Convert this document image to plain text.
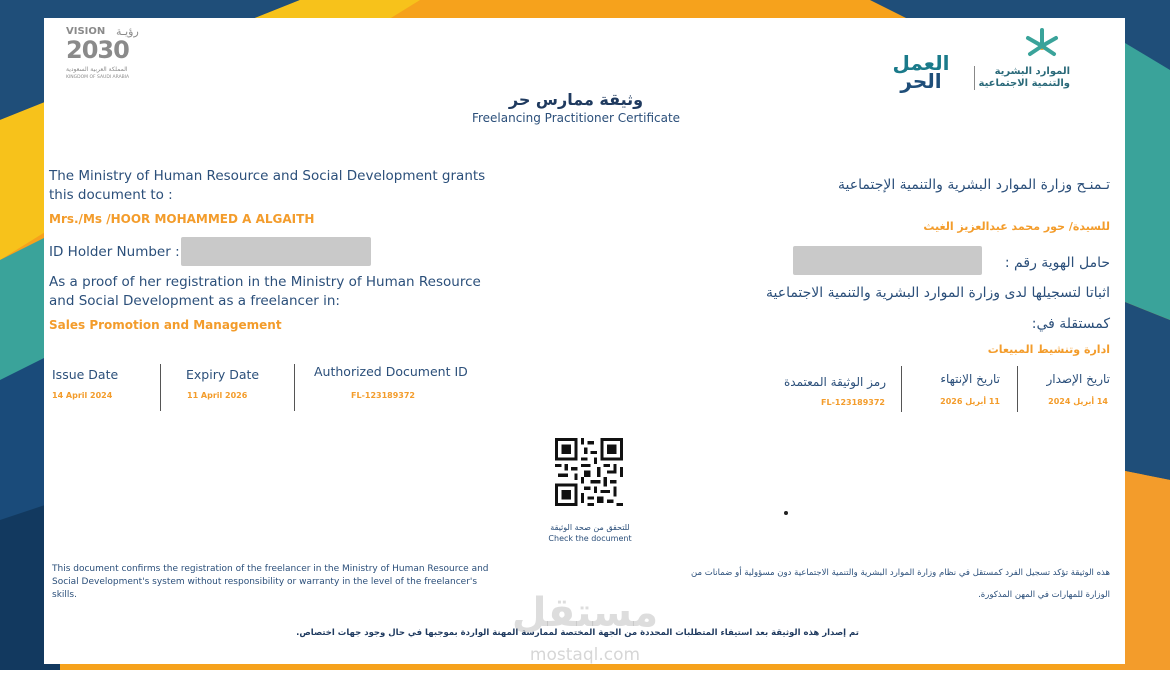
VISION رؤيـة
2030
المملكة العربية السعودية
KINGDOM OF SAUDI ARABIA
العمل
الحر	الموارد البشرية
والتنمية الاجتماعية
وثيقة ممارس حر
Freelancing Practitioner Certificate
The Ministry of Human Resource and Social Development grants this document to :
Mrs./Ms /HOOR MOHAMMED A ALGAITH
ID Holder Number :
As a proof of her registration in the Ministry of Human Resource and Social Development as a freelancer in:
Sales Promotion and Management
Issue Date
14 April 2024
Expiry Date
11 April 2026
Authorized Document ID
FL-123189372
تـمنـح وزارة الموارد البشرية والتنمية الإجتماعية
للسيدة/ حور محمد عبدالعزيز الغيث
حامل الهوية رقم :
اثباتا لتسجيلها لدى وزارة الموارد البشرية والتنمية الاجتماعية
كمستقلة في:
ادارة وتنشيط المبيعات
تاريخ الإصدار
14 أبريل 2024
تاريخ الإنتهاء
11 أبريل 2026
رمز الوثيقة المعتمدة
FL-123189372
للتحقق من صحة الوثيقة
Check the document
This document confirms the registration of the freelancer in the Ministry of Human Resource and Social Development's system without responsibility or warranty in the level of the freelancer's skills.
هذه الوثيقة تؤكد تسجيل الفرد كمستقل في نظام وزارة الموارد البشرية والتنمية الاجتماعية دون مسؤولية أو ضمانات من
الوزارة للمهارات في المهن المذكورة.
تم إصدار هذه الوثيقة بعد استيفاء المتطلبات المحددة من الجهة المختصة لممارسة المهنة الواردة بموجبها في حال وجود جهات اختصاص.
مستقل
mostaql.com
